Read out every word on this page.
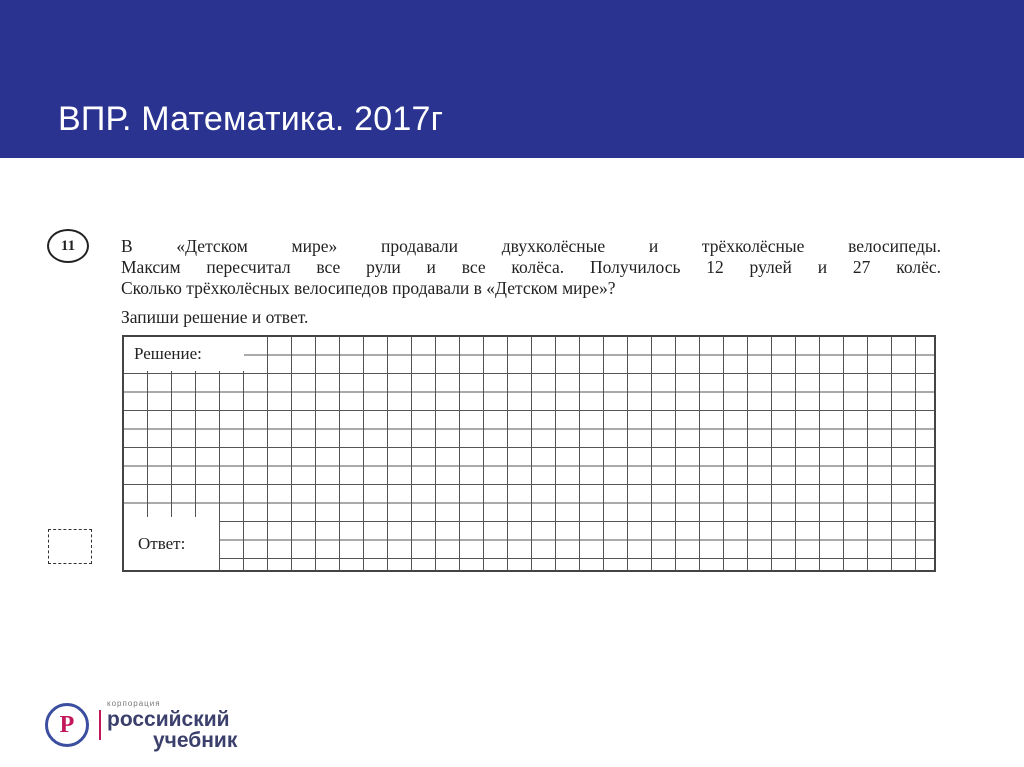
ВПР. Математика. 2017г
11	В «Детском мире» продавали двухколёсные и трёхколёсные велосипеды.
Максим пересчитал все рули и все колёса. Получилось 12 рулей и 27 колёс.
Сколько трёхколёсных велосипедов продавали в «Детском мире»?
Запиши решение и ответ.
Решение:
Ответ:
Р
корпорация
российский
учебник
